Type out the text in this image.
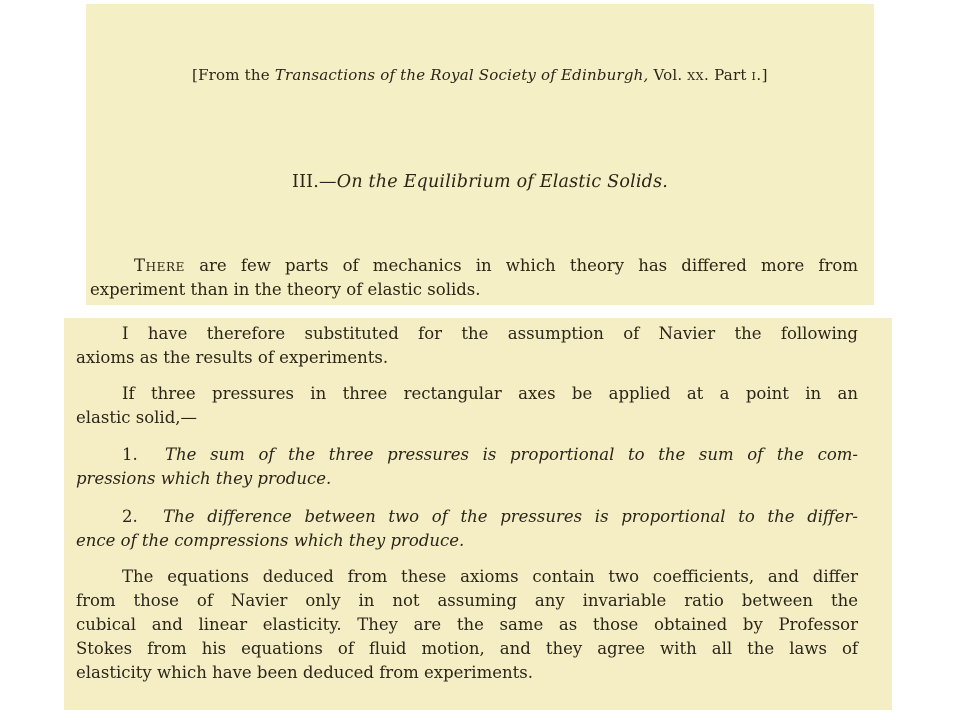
[From the Transactions of the Royal Society of Edinburgh, Vol. xx. Part i.]
III.—On the Equilibrium of Elastic Solids.

There are few parts of mechanics in which theory has differed more from
experiment than in the theory of elastic solids.

I have therefore substituted for the assumption of Navier the following
axioms as the results of experiments.

If three pressures in three rectangular axes be applied at a point in an
elastic solid,—

1. The sum of the three pressures is proportional to the sum of the com-
pressions which they produce.

2. The difference between two of the pressures is proportional to the differ-
ence of the compressions which they produce.

The equations deduced from these axioms contain two coefficients, and differ
from those of Navier only in not assuming any invariable ratio between the
cubical and linear elasticity. They are the same as those obtained by Professor
Stokes from his equations of fluid motion, and they agree with all the laws of
elasticity which have been deduced from experiments.
